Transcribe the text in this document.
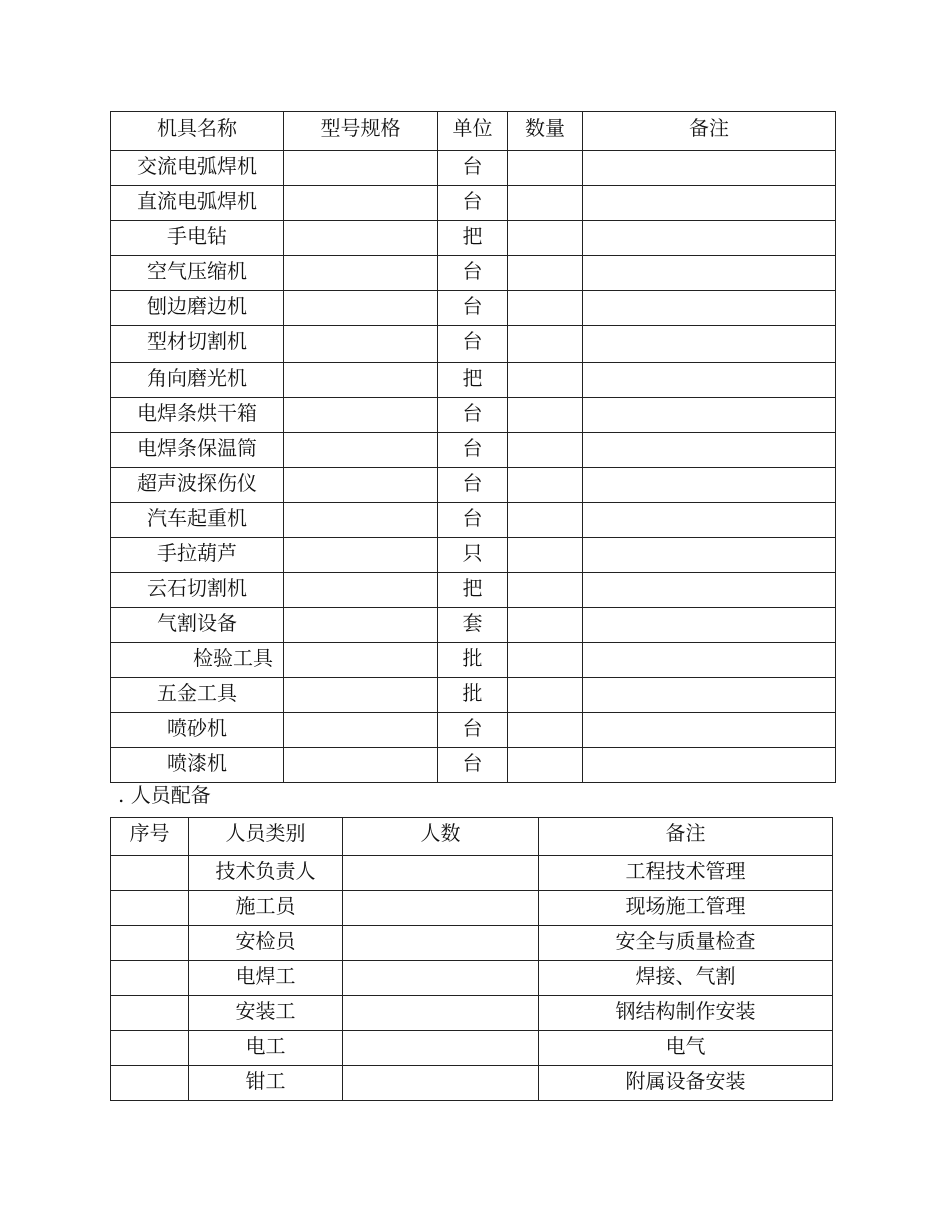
机具名称	型号规格	单位	数量	备注
交流电弧焊机		台		
直流电弧焊机		台		
手电钻		把		
空气压缩机		台		
刨边磨边机		台		
型材切割机		台		
角向磨光机		把		
电焊条烘干箱		台		
电焊条保温筒		台		
超声波探伤仪		台		
汽车起重机		台		
手拉葫芦		只		
云石切割机		把		
气割设备		套		
检验工具		批		
五金工具		批		
喷砂机		台		
喷漆机		台		
. 人员配备
序号	人员类别	人数	备注
	技术负责人		工程技术管理
	施工员		现场施工管理
	安检员		安全与质量检查
	电焊工		焊接、气割
	安装工		钢结构制作安装
	电工		电气
	钳工		附属设备安装
